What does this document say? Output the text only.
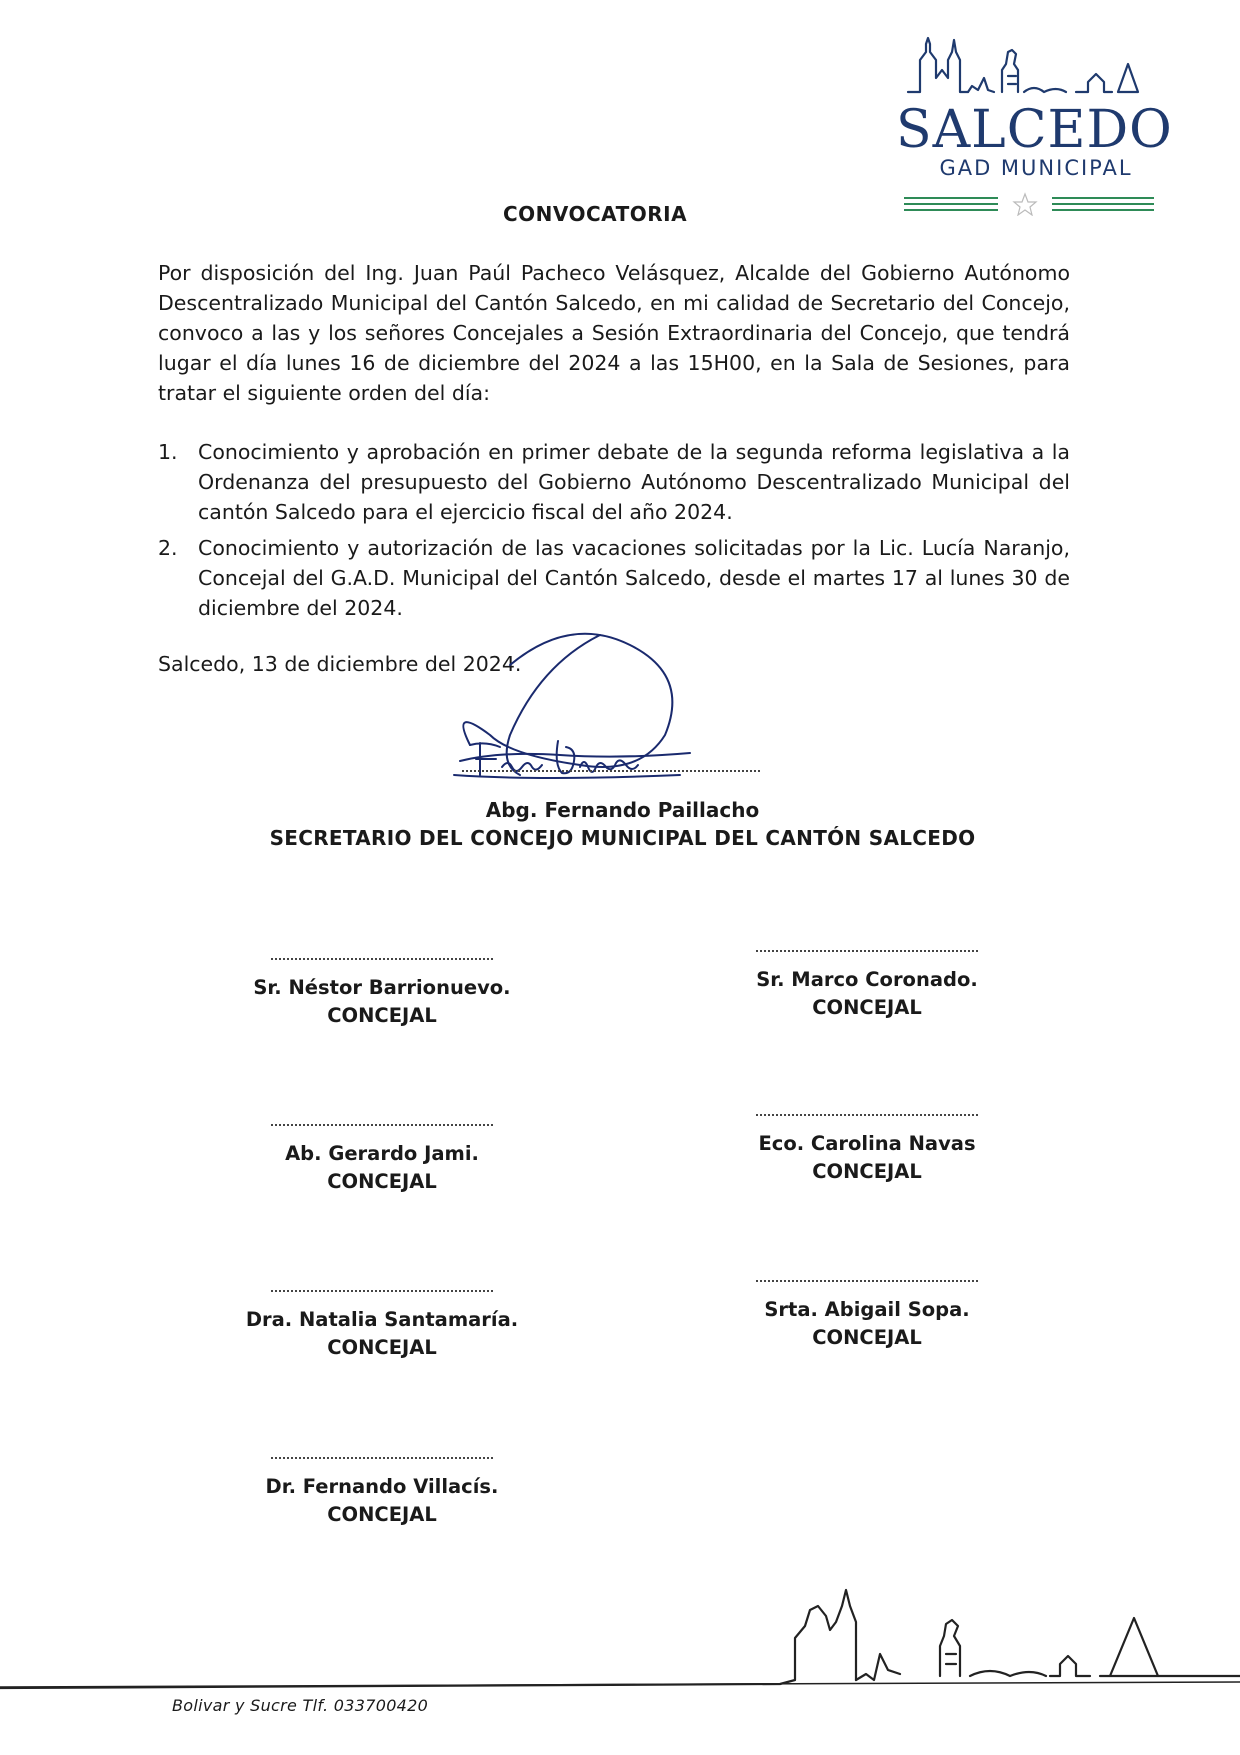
SALCEDO
GAD MUNICIPAL
CONVOCATORIA
Por disposición del Ing. Juan Paúl Pacheco Velásquez, Alcalde del Gobierno Autónomo Descentralizado Municipal del Cantón Salcedo, en mi calidad de Secretario del Concejo, convoco a las y los señores Concejales a Sesión Extraordinaria del Concejo, que tendrá lugar el día lunes 16 de diciembre del 2024 a las 15H00, en la Sala de Sesiones, para tratar el siguiente orden del día:
1. Conocimiento y aprobación en primer debate de la segunda reforma legislativa a la Ordenanza del presupuesto del Gobierno Autónomo Descentralizado Municipal del cantón Salcedo para el ejercicio fiscal del año 2024.
2. Conocimiento y autorización de las vacaciones solicitadas por la Lic. Lucía Naranjo, Concejal del G.A.D. Municipal del Cantón Salcedo, desde el martes 17 al lunes 30 de diciembre del 2024.
Salcedo, 13 de diciembre del 2024.
Abg. Fernando Paillacho
SECRETARIO DEL CONCEJO MUNICIPAL DEL CANTÓN SALCEDO
Sr. Néstor Barrionuevo.
CONCEJAL
Sr. Marco Coronado.
CONCEJAL
Ab. Gerardo Jami.
CONCEJAL
Eco. Carolina Navas
CONCEJAL
Dra. Natalia Santamaría.
CONCEJAL
Srta. Abigail Sopa.
CONCEJAL
Dr. Fernando Villacís.
CONCEJAL
Bolivar y Sucre Tlf. 033700420
